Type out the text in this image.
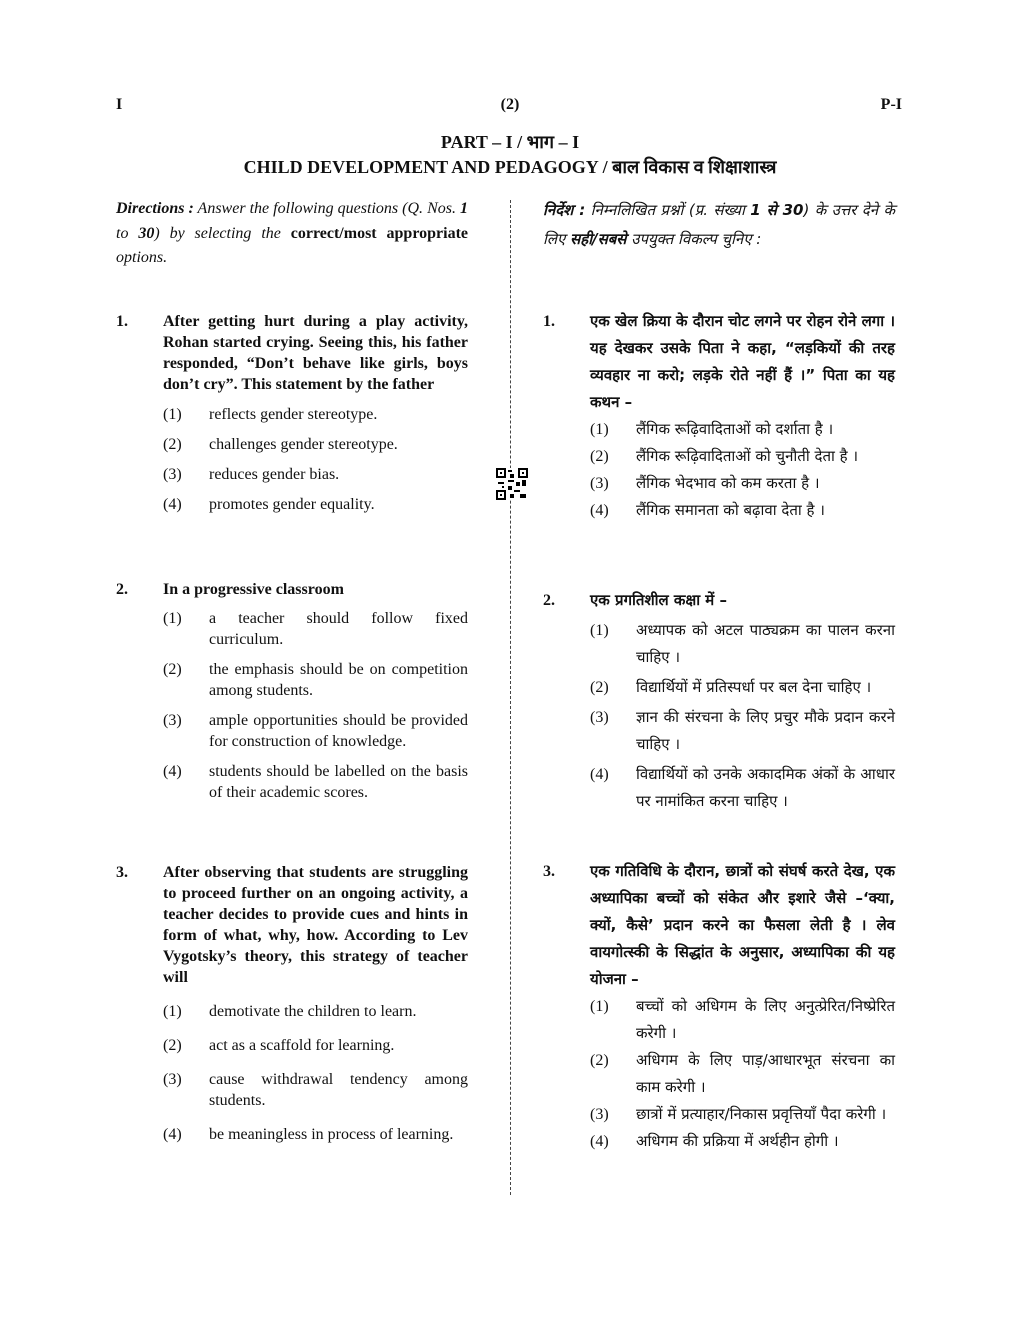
I	(2)	P-I
PART – I / भाग – I
CHILD DEVELOPMENT AND PEDAGOGY / बाल विकास व शिक्षाशास्त्र
Directions : Answer the following questions (Q. Nos. 1 to 30) by selecting the correct/most appropriate options.
निर्देश : निम्नलिखित प्रश्नों (प्र. संख्या 1 से 30) के उत्तर देने के लिए सही/सबसे उपयुक्त विकल्प चुनिए :
1.	After getting hurt during a play activity, Rohan started crying. Seeing this, his father responded, “Don’t behave like girls, boys don’t cry”. This statement by the father
(1)	reflects gender stereotype.
(2)	challenges gender stereotype.
(3)	reduces gender bias.
(4)	promotes gender equality.
2.	In a progressive classroom
(1)	a teacher should follow fixed curriculum.
(2)	the emphasis should be on competition among students.
(3)	ample opportunities should be provided for construction of knowledge.
(4)	students should be labelled on the basis of their academic scores.
3.	After observing that students are struggling to proceed further on an ongoing activity, a teacher decides to provide cues and hints in form of what, why, how. According to Lev Vygotsky’s theory, this strategy of teacher will
(1)	demotivate the children to learn.
(2)	act as a scaffold for learning.
(3)	cause withdrawal tendency among students.
(4)	be meaningless in process of learning.
1.	एक खेल क्रिया के दौरान चोट लगने पर रोहन रोने लगा । यह देखकर उसके पिता ने कहा, “लड़कियों की तरह व्यवहार ना करो; लड़के रोते नहीं हैं ।” पिता का यह कथन –
(1)	लैंगिक रूढ़िवादिताओं को दर्शाता है ।
(2)	लैंगिक रूढ़िवादिताओं को चुनौती देता है ।
(3)	लैंगिक भेदभाव को कम करता है ।
(4)	लैंगिक समानता को बढ़ावा देता है ।
2.	एक प्रगतिशील कक्षा में –
(1)	अध्यापक को अटल पाठ्यक्रम का पालन करना चाहिए ।
(2)	विद्यार्थियों में प्रतिस्पर्धा पर बल देना चाहिए ।
(3)	ज्ञान की संरचना के लिए प्रचुर मौके प्रदान करने चाहिए ।
(4)	विद्यार्थियों को उनके अकादमिक अंकों के आधार पर नामांकित करना चाहिए ।
3.	एक गतिविधि के दौरान, छात्रों को संघर्ष करते देख, एक अध्यापिका बच्चों को संकेत और इशारे जैसे –‘क्या, क्यों, कैसे’ प्रदान करने का फैसला लेती है । लेव वायगोत्स्की के सिद्धांत के अनुसार, अध्यापिका की यह योजना –
(1)	बच्चों को अधिगम के लिए अनुत्प्रेरित/निष्प्रेरित करेगी ।
(2)	अधिगम के लिए पाड़/आधारभूत संरचना का काम करेगी ।
(3)	छात्रों में प्रत्याहार/निकास प्रवृत्तियाँ पैदा करेगी ।
(4)	अधिगम की प्रक्रिया में अर्थहीन होगी ।
